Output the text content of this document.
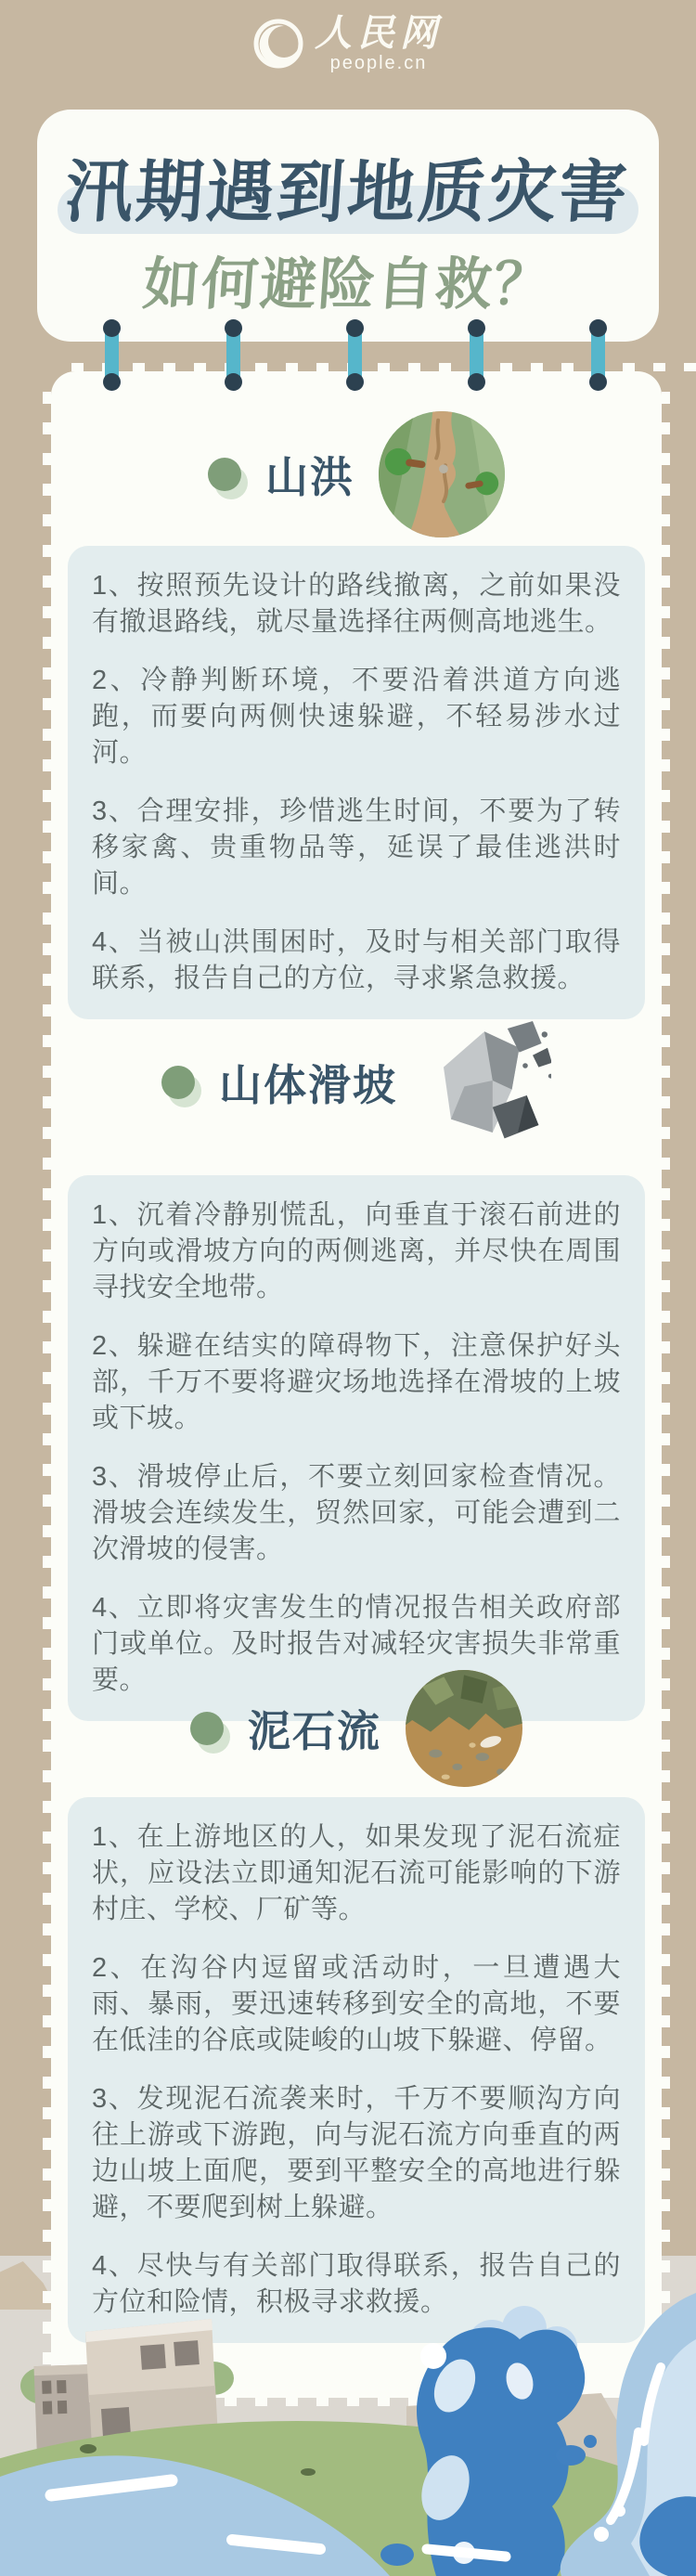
人民网
people.cn
汛期遇到地质灾害
如何避险自救？
山洪

1、按照预先设计的路线撤离，之前如果没有撤退路线，就尽量选择往两侧高地逃生。

2、冷静判断环境，不要沿着洪道方向逃跑，而要向两侧快速躲避，不轻易涉水过河。

3、合理安排，珍惜逃生时间，不要为了转移家禽、贵重物品等，延误了最佳逃洪时间。

4、当被山洪围困时，及时与相关部门取得联系，报告自己的方位，寻求紧急救援。

山体滑坡

1、沉着冷静别慌乱，向垂直于滚石前进的方向或滑坡方向的两侧逃离，并尽快在周围寻找安全地带。

2、躲避在结实的障碍物下，注意保护好头部，千万不要将避灾场地选择在滑坡的上坡或下坡。

3、滑坡停止后，不要立刻回家检查情况。滑坡会连续发生，贸然回家，可能会遭到二次滑坡的侵害。

4、立即将灾害发生的情况报告相关政府部门或单位。及时报告对减轻灾害损失非常重要。

泥石流

1、在上游地区的人，如果发现了泥石流症状，应设法立即通知泥石流可能影响的下游村庄、学校、厂矿等。

2、在沟谷内逗留或活动时，一旦遭遇大雨、暴雨，要迅速转移到安全的高地，不要在低洼的谷底或陡峻的山坡下躲避、停留。

3、发现泥石流袭来时，千万不要顺沟方向往上游或下游跑，向与泥石流方向垂直的两边山坡上面爬，要到平整安全的高地进行躲避，不要爬到树上躲避。

4、尽快与有关部门取得联系，报告自己的方位和险情，积极寻求救援。
